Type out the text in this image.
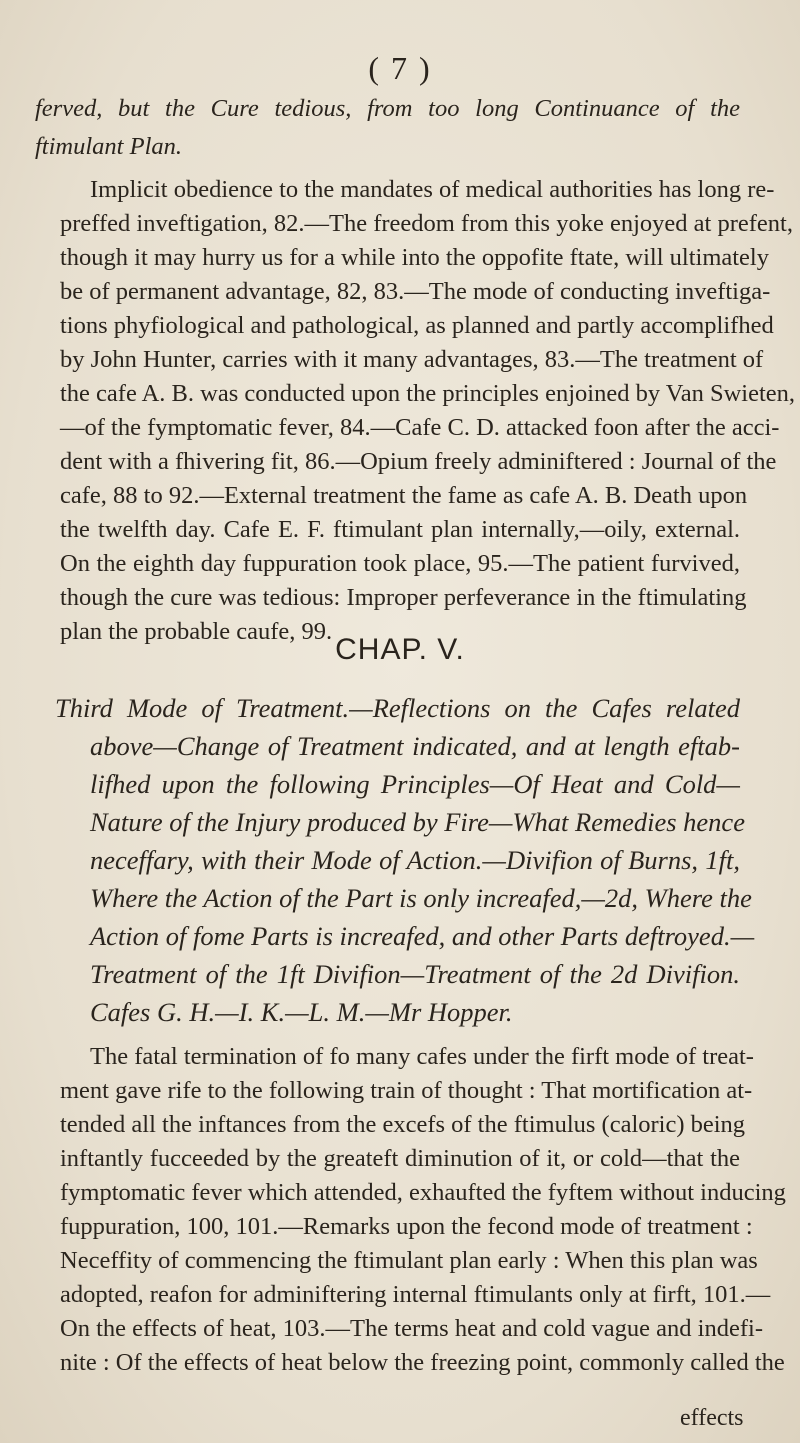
( 7 )
ferved, but the Cure tedious, from too long Continuance of the
ftimulant Plan.
Implicit obedience to the mandates of medical authorities has long re-
preffed inveftigation, 82.—The freedom from this yoke enjoyed at prefent,
though it may hurry us for a while into the oppofite ftate, will ultimately
be of permanent advantage, 82, 83.—The mode of conducting inveftiga-
tions phyfiological and pathological, as planned and partly accomplifhed
by John Hunter, carries with it many advantages, 83.—The treatment of
the cafe A. B. was conducted upon the principles enjoined by Van Swieten,
—of the fymptomatic fever, 84.—Cafe C. D. attacked foon after the acci-
dent with a fhivering fit, 86.—Opium freely adminiftered : Journal of the
cafe, 88 to 92.—External treatment the fame as cafe A. B. Death upon
the twelfth day. Cafe E. F. ftimulant plan internally,—oily, external.
On the eighth day fuppuration took place, 95.—The patient furvived,
though the cure was tedious: Improper perfeverance in the ftimulating
plan the probable caufe, 99.
CHAP. V.
Third Mode of Treatment.—Reflections on the Cafes related
above—Change of Treatment indicated, and at length eftab-
lifhed upon the following Principles—Of Heat and Cold—
Nature of the Injury produced by Fire—What Remedies hence
neceffary, with their Mode of Action.—Divifion of Burns, 1ft,
Where the Action of the Part is only increafed,—2d, Where the
Action of fome Parts is increafed, and other Parts deftroyed.—
Treatment of the 1ft Divifion—Treatment of the 2d Divifion.
Cafes G. H.—I. K.—L. M.—Mr Hopper.
The fatal termination of fo many cafes under the firft mode of treat-
ment gave rife to the following train of thought : That mortification at-
tended all the inftances from the excefs of the ftimulus (caloric) being
inftantly fucceeded by the greateft diminution of it, or cold—that the
fymptomatic fever which attended, exhaufted the fyftem without inducing
fuppuration, 100, 101.—Remarks upon the fecond mode of treatment :
Neceffity of commencing the ftimulant plan early : When this plan was
adopted, reafon for adminiftering internal ftimulants only at firft, 101.—
On the effects of heat, 103.—The terms heat and cold vague and indefi-
nite : Of the effects of heat below the freezing point, commonly called the
effects
